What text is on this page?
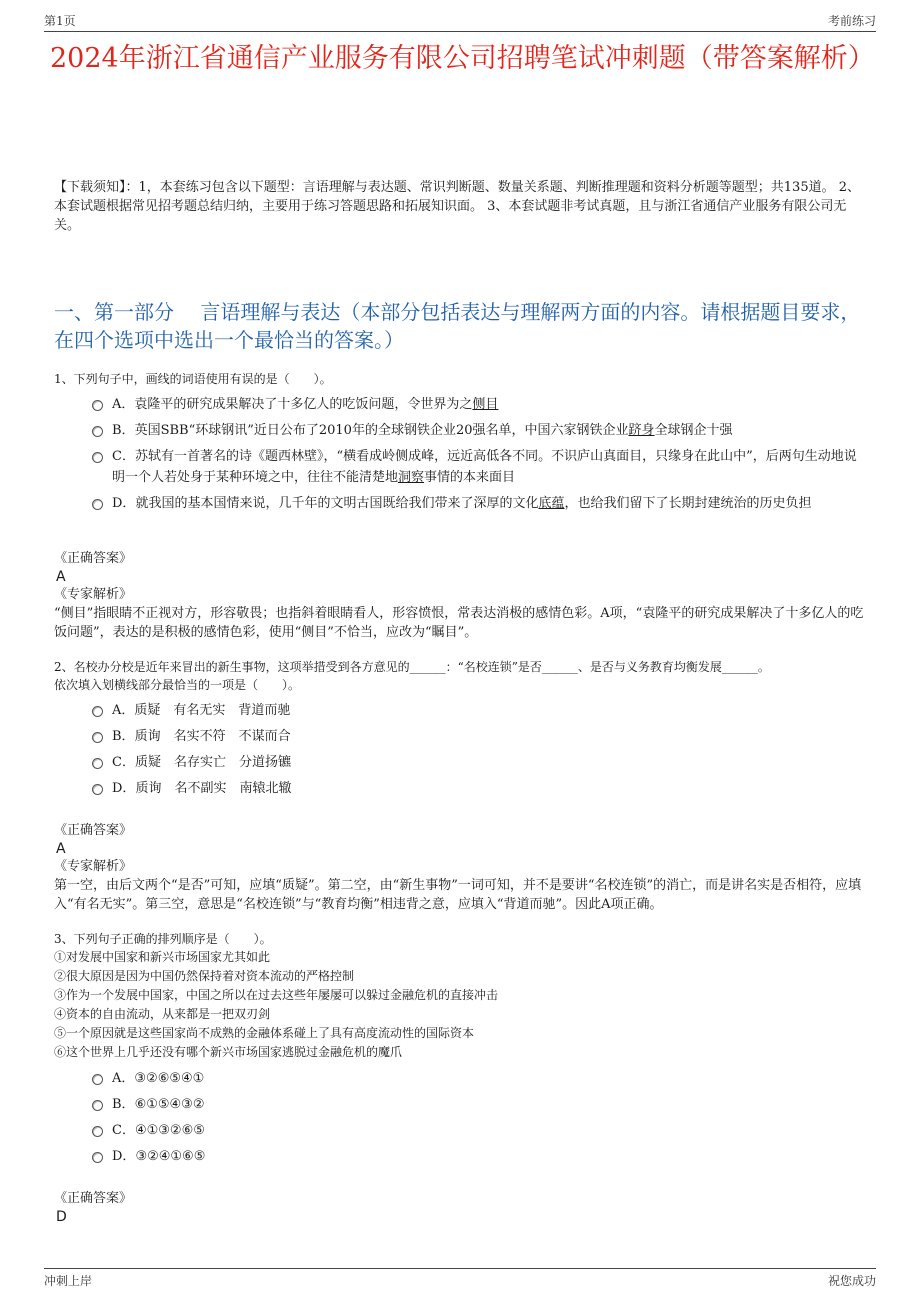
第1页	考前练习
2024年浙江省通信产业服务有限公司招聘笔试冲刺题（带答案解析）
【下载须知】：1，本套练习包含以下题型：言语理解与表达题、常识判断题、数量关系题、判断推理题和资料分析题等题型；共135道。 2、本套试题根据常见招考题总结归纳，主要用于练习答题思路和拓展知识面。 3、本套试题非考试真题，且与浙江省通信产业服务有限公司无关。
一、第一部分　 言语理解与表达（本部分包括表达与理解两方面的内容。请根据题目要求，在四个选项中选出一个最恰当的答案。）

1、下列句子中，画线的词语使用有误的是（　　）。

A．袁隆平的研究成果解决了十多亿人的吃饭问题，令世界为之侧目
B．英国SBB“环球钢讯”近日公布了2010年的全球钢铁企业20强名单，中国六家钢铁企业跻身全球钢企十强
C．苏轼有一首著名的诗《题西林壁》，“横看成岭侧成峰，远近高低各不同。不识庐山真面目，只缘身在此山中”，后两句生动地说明一个人若处身于某种环境之中，往往不能清楚地洞察事情的本来面目
D．就我国的基本国情来说，几千年的文明古国既给我们带来了深厚的文化底蕴，也给我们留下了长期封建统治的历史负担

《正确答案》

A

《专家解析》

“侧目”指眼睛不正视对方，形容敬畏；也指斜着眼睛看人，形容愤恨，常表达消极的感情色彩。A项，“袁隆平的研究成果解决了十多亿人的吃饭问题”，表达的是积极的感情色彩，使用“侧目”不恰当，应改为“瞩目”。

2、名校办分校是近年来冒出的新生事物，这项举措受到各方意见的______：“名校连锁”是否______、是否与义务教育均衡发展______。

依次填入划横线部分最恰当的一项是（　　）。

A．质疑　有名无实　背道而驰
B．质询　名实不符　不谋而合
C．质疑　名存实亡　分道扬镳
D．质询　名不副实　南辕北辙

《正确答案》

A

《专家解析》

第一空，由后文两个“是否”可知，应填“质疑”。第二空，由“新生事物”一词可知，并不是要讲“名校连锁”的消亡，而是讲名实是否相符，应填入“有名无实”。第三空，意思是“名校连锁”与“教育均衡”相违背之意，应填入“背道而驰”。因此A项正确。

3、下列句子正确的排列顺序是（　　）。

①对发展中国家和新兴市场国家尤其如此

②很大原因是因为中国仍然保持着对资本流动的严格控制

③作为一个发展中国家，中国之所以在过去这些年屡屡可以躲过金融危机的直接冲击

④资本的自由流动，从来都是一把双刃剑

⑤一个原因就是这些国家尚不成熟的金融体系碰上了具有高度流动性的国际资本

⑥这个世界上几乎还没有哪个新兴市场国家逃脱过金融危机的魔爪

A．③②⑥⑤④①
B．⑥①⑤④③②
C．④①③②⑥⑤
D．③②④①⑥⑤

《正确答案》

D

冲刺上岸	祝您成功
